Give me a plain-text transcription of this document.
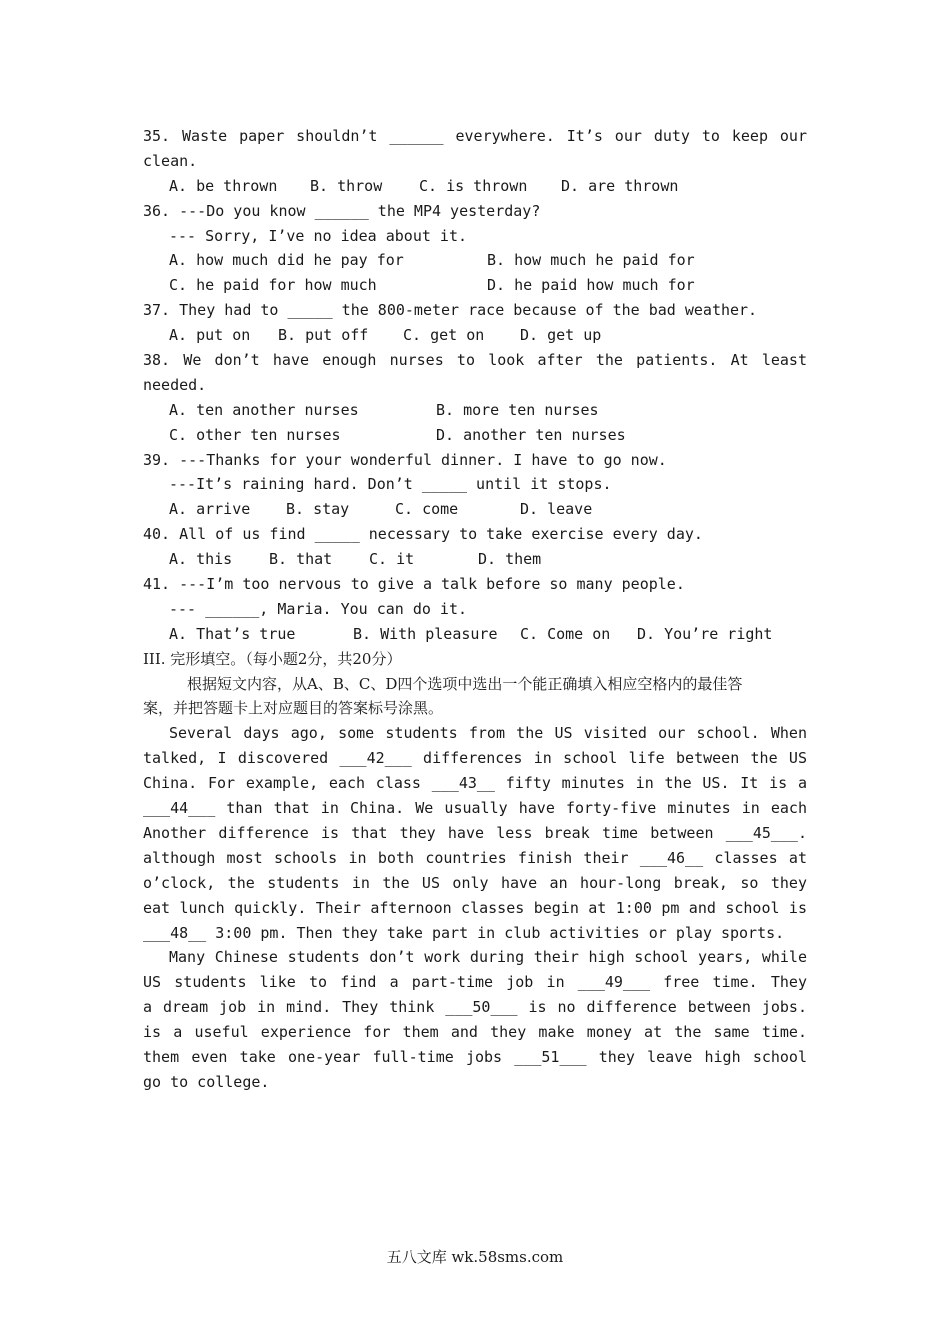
35. Waste paper shouldn’t ______ everywhere. It’s our duty to keep our
clean.
A. be thrown	B. throw	C. is thrown	D. are thrown
36. ---Do you know ______ the MP4 yesterday?
--- Sorry, I’ve no idea about it.
A. how much did he pay for	B. how much he paid for
C. he paid for how much	D. he paid how much for
37. They had to _____ the 800-meter race because of the bad weather.
A. put on	B. put off	C. get on	D. get up
38. We don’t have enough nurses to look after the patients. At least
needed.
A. ten another nurses	B. more ten nurses
C. other ten nurses	D. another ten nurses
39. ---Thanks for your wonderful dinner. I have to go now.
---It’s raining hard. Don’t _____ until it stops.
A. arrive	B. stay	C. come	D. leave
40. All of us find _____ necessary to take exercise every day.
A. this	B. that	C. it	D. them
41. ---I’m too nervous to give a talk before so many people.
--- ______, Maria. You can do it.
A. That’s true	B. With pleasure	C. Come on	D. You’re right
III. 完形填空。（每小题2分，共20分）
根据短文内容，从A、B、C、D四个选项中选出一个能正确填入相应空格内的最佳答
案，并把答题卡上对应题目的答案标号涂黑。
Several days ago, some students from the US visited our school. When
talked, I discovered ___42___ differences in school life between the US
China. For example, each class ___43__ fifty minutes in the US. It is a
___44___ than that in China. We usually have forty-five minutes in each
Another difference is that they have less break time between ___45___.
although most schools in both countries finish their ___46__ classes at
o’clock, the students in the US only have an hour-long break, so they
eat lunch quickly. Their afternoon classes begin at 1:00 pm and school is
___48__ 3:00 pm. Then they take part in club activities or play sports.
Many Chinese students don’t work during their high school years, while
US students like to find a part-time job in ___49___ free time. They
a dream job in mind. They think ___50___ is no difference between jobs.
is a useful experience for them and they make money at the same time.
them even take one-year full-time jobs ___51___ they leave high school
go to college.

五八文库 wk.58sms.com
